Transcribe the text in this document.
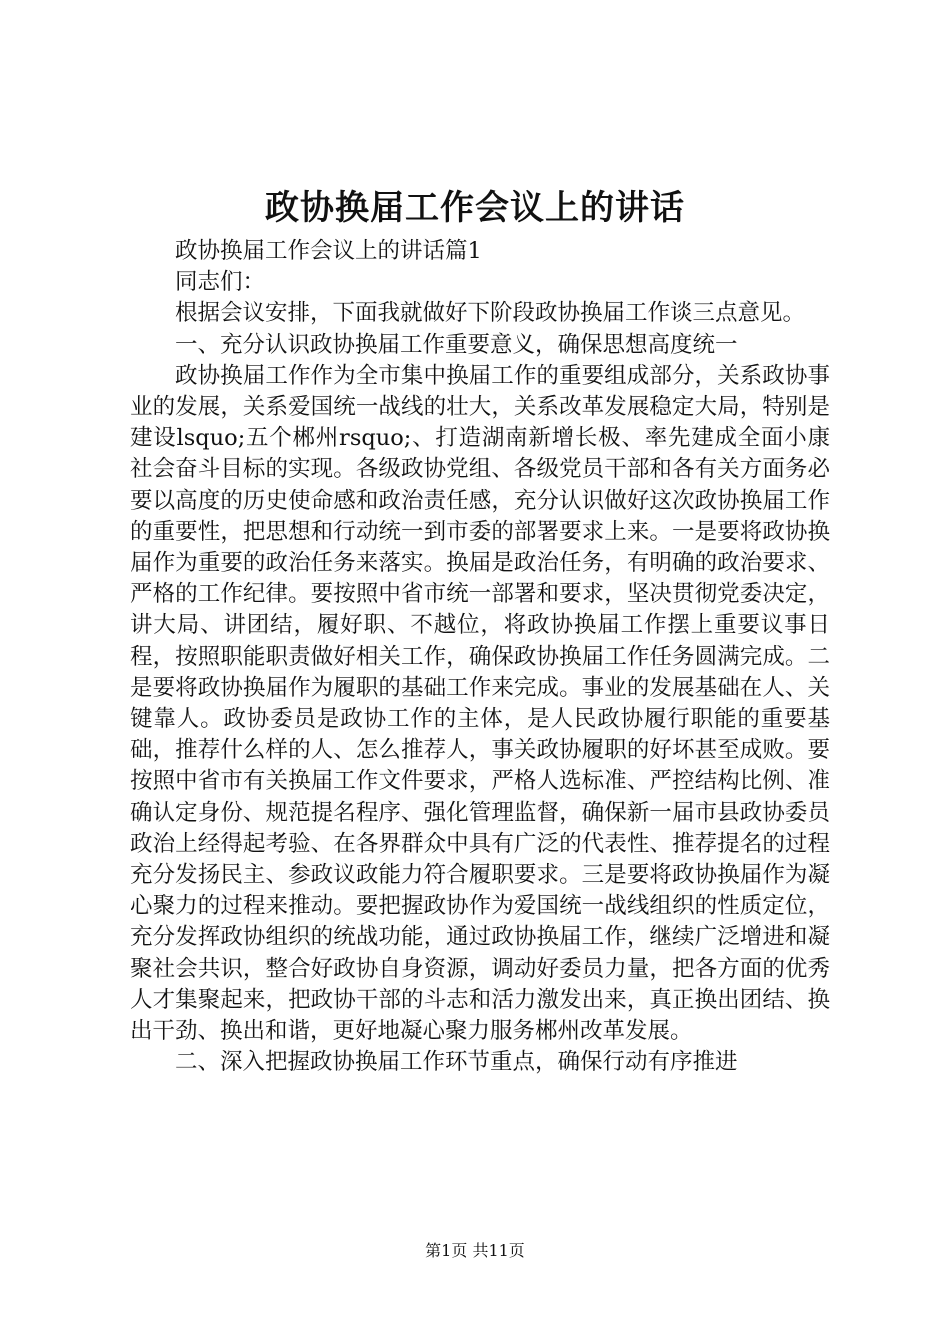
政协换届工作会议上的讲话

政协换届工作会议上的讲话篇1

同志们：

根据会议安排，下面我就做好下阶段政协换届工作谈三点意见。

一、充分认识政协换届工作重要意义，确保思想高度统一

政协换届工作作为全市集中换届工作的重要组成部分，关系政协事业的发展，关系爱国统一战线的壮大，关系改革发展稳定大局，特别是建设lsquo;五个郴州rsquo;、打造湖南新增长极、率先建成全面小康社会奋斗目标的实现。各级政协党组、各级党员干部和各有关方面务必要以高度的历史使命感和政治责任感，充分认识做好这次政协换届工作的重要性，把思想和行动统一到市委的部署要求上来。一是要将政协换届作为重要的政治任务来落实。换届是政治任务，有明确的政治要求、严格的工作纪律。要按照中省市统一部署和要求，坚决贯彻党委决定，讲大局、讲团结，履好职、不越位，将政协换届工作摆上重要议事日程，按照职能职责做好相关工作，确保政协换届工作任务圆满完成。二是要将政协换届作为履职的基础工作来完成。事业的发展基础在人、关键靠人。政协委员是政协工作的主体，是人民政协履行职能的重要基础，推荐什么样的人、怎么推荐人，事关政协履职的好坏甚至成败。要按照中省市有关换届工作文件要求，严格人选标准、严控结构比例、准确认定身份、规范提名程序、强化管理监督，确保新一届市县政协委员政治上经得起考验、在各界群众中具有广泛的代表性、推荐提名的过程充分发扬民主、参政议政能力符合履职要求。三是要将政协换届作为凝心聚力的过程来推动。要把握政协作为爱国统一战线组织的性质定位，充分发挥政协组织的统战功能，通过政协换届工作，继续广泛增进和凝聚社会共识，整合好政协自身资源，调动好委员力量，把各方面的优秀人才集聚起来，把政协干部的斗志和活力激发出来，真正换出团结、换出干劲、换出和谐，更好地凝心聚力服务郴州改革发展。

二、深入把握政协换届工作环节重点，确保行动有序推进

第1页 共11页
